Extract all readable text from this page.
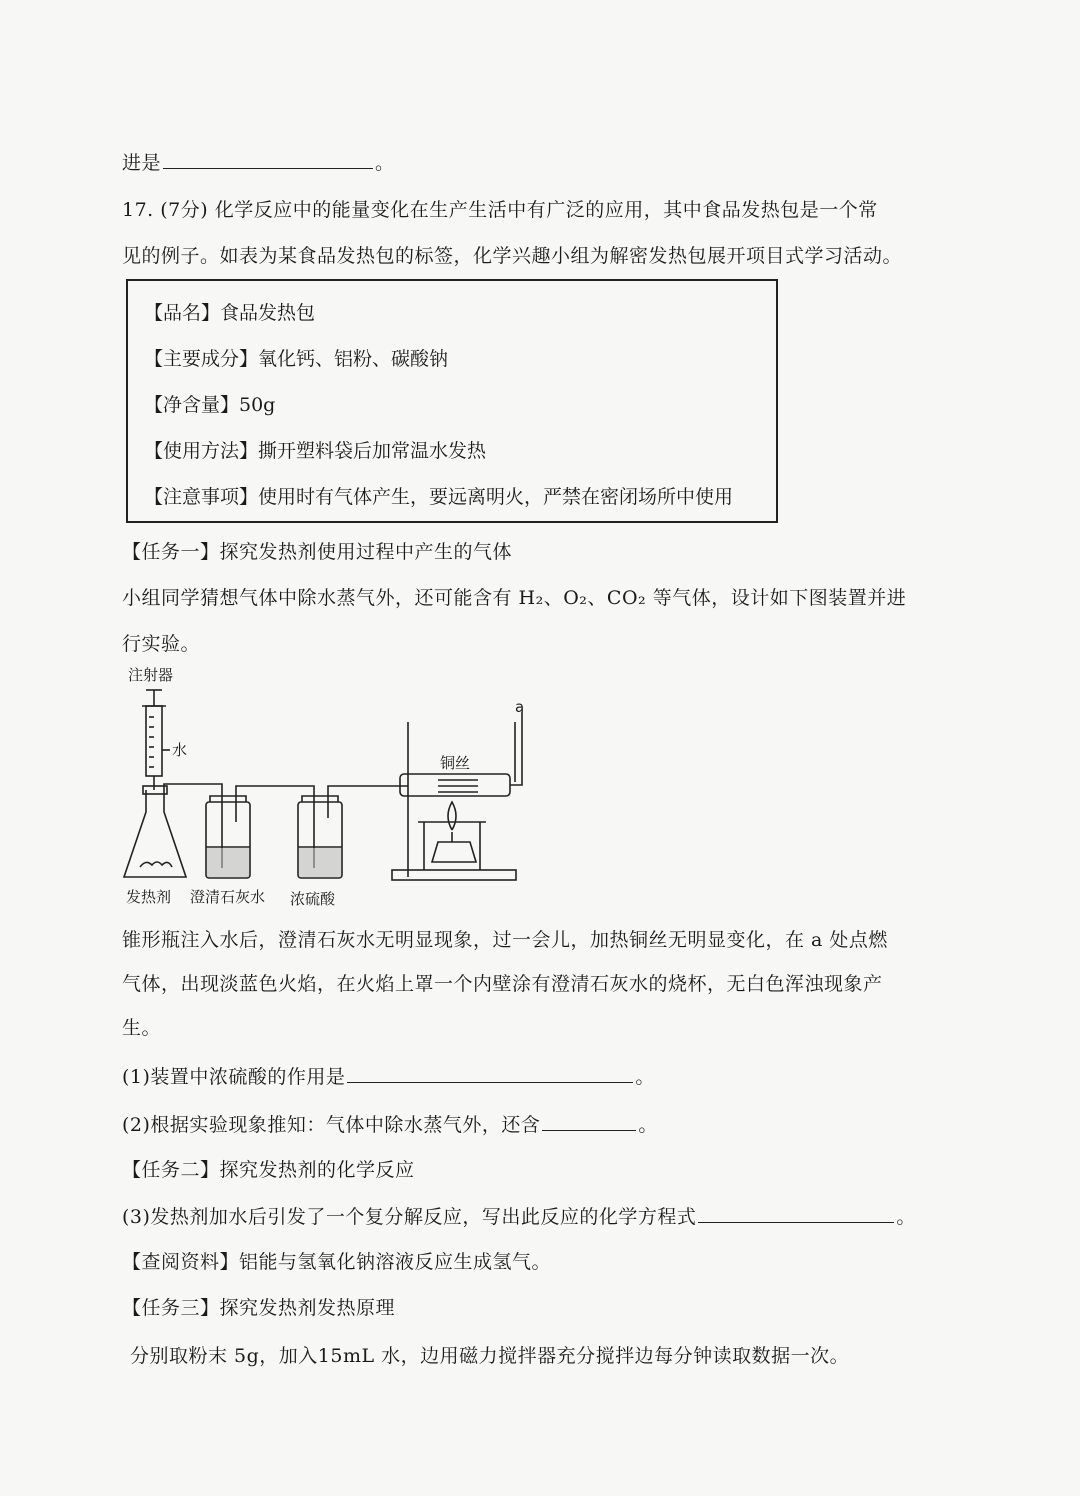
进是	。
17. (7分) 化学反应中的能量变化在生产生活中有广泛的应用，其中食品发热包是一个常
见的例子。如表为某食品发热包的标签，化学兴趣小组为解密发热包展开项目式学习活动。
【品名】食品发热包
【主要成分】氧化钙、铝粉、碳酸钠
【净含量】50g
【使用方法】撕开塑料袋后加常温水发热
【注意事项】使用时有气体产生，要远离明火，严禁在密闭场所中使用
【任务一】探究发热剂使用过程中产生的气体
小组同学猜想气体中除水蒸气外，还可能含有 H₂、O₂、CO₂ 等气体，设计如下图装置并进
行实验。
注射器
水
铜丝
a
发热剂 澄清石灰水 浓硫酸
锥形瓶注入水后，澄清石灰水无明显现象，过一会儿，加热铜丝无明显变化，在 a 处点燃
气体，出现淡蓝色火焰，在火焰上罩一个内壁涂有澄清石灰水的烧杯，无白色浑浊现象产
生。
(1)装置中浓硫酸的作用是	。
(2)根据实验现象推知：气体中除水蒸气外，还含	。
【任务二】探究发热剂的化学反应
(3)发热剂加水后引发了一个复分解反应，写出此反应的化学方程式	。
【查阅资料】铝能与氢氧化钠溶液反应生成氢气。
【任务三】探究发热剂发热原理
分别取粉末 5g，加入15mL 水，边用磁力搅拌器充分搅拌边每分钟读取数据一次。
